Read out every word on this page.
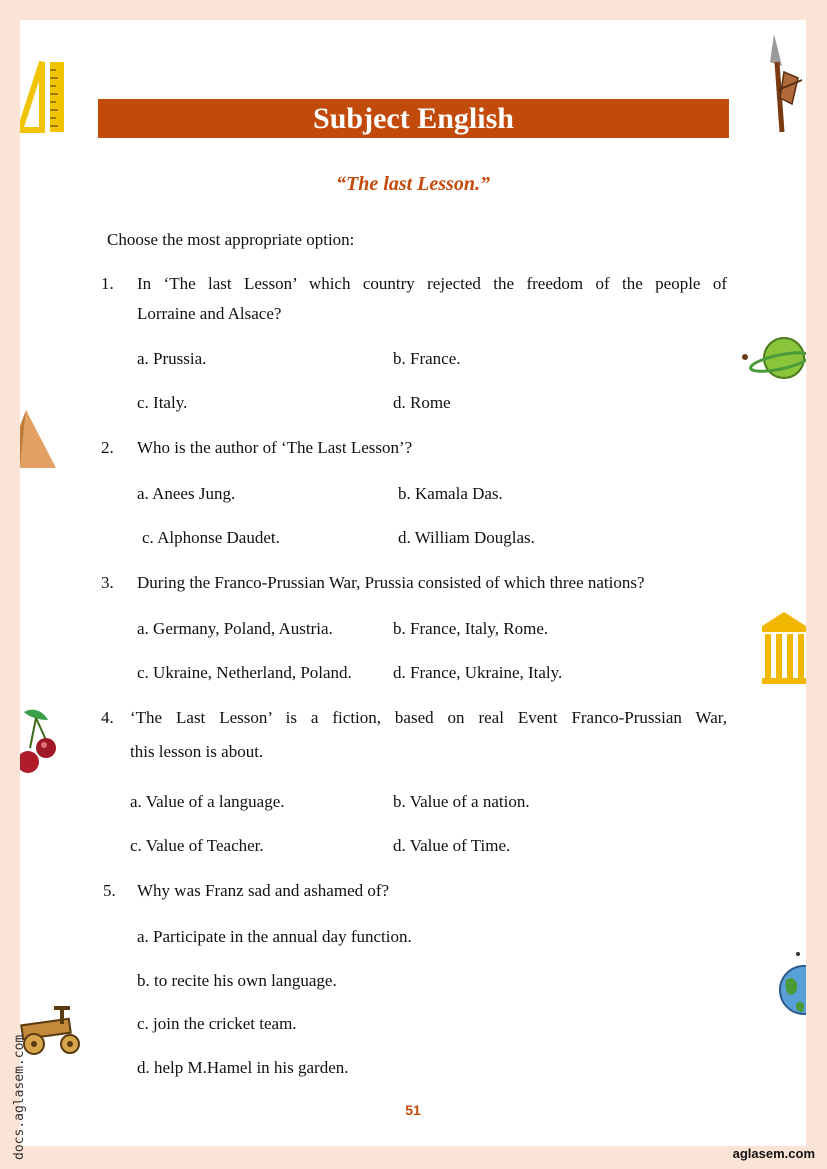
Subject English
“The last Lesson.”
Choose the most appropriate option:
1. In ‘The last Lesson’ which country rejected the freedom of the people of
Lorraine and Alsace?
a. Prussia.	b. France.
c. Italy.	d. Rome
2. Who is the author of ‘The Last Lesson’?
a. Anees Jung.	b. Kamala Das.
c. Alphonse Daudet.	d. William Douglas.
3. During the Franco-Prussian War, Prussia consisted of which three nations?
a. Germany, Poland, Austria.	b. France, Italy, Rome.
c. Ukraine, Netherland, Poland. d. France, Ukraine, Italy.
4. ‘The Last Lesson’ is a fiction, based on real Event Franco-Prussian War,
this lesson is about.
a. Value of a language.	b. Value of a nation.
c. Value of Teacher.	d. Value of Time.
5. Why was Franz sad and ashamed of?
a. Participate in the annual day function.
b. to recite his own language.
c. join the cricket team.
d. help M.Hamel in his garden.
51
docs.aglasem.com	aglasem.com
